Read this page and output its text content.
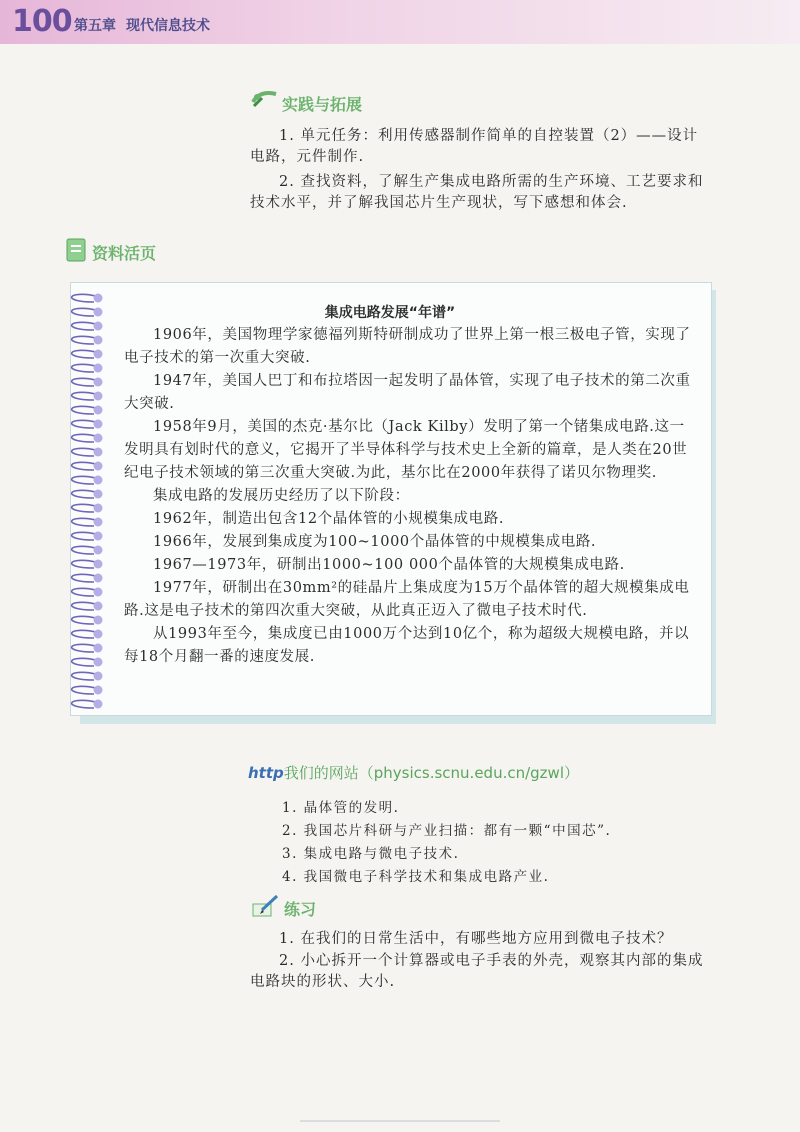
100 第五章 现代信息技术
实践与拓展

1. 单元任务：利用传感器制作简单的自控装置（2）——设计电路，元件制作.

2. 查找资料，了解生产集成电路所需的生产环境、工艺要求和技术水平，并了解我国芯片生产现状，写下感想和体会.

资料活页
集成电路发展“年谱”

1906年，美国物理学家德福列斯特研制成功了世界上第一根三极电子管，实现了电子技术的第一次重大突破.

1947年，美国人巴丁和布拉塔因一起发明了晶体管，实现了电子技术的第二次重大突破.

1958年9月，美国的杰克·基尔比（Jack Kilby）发明了第一个锗集成电路.这一发明具有划时代的意义，它揭开了半导体科学与技术史上全新的篇章，是人类在20世纪电子技术领域的第三次重大突破.为此，基尔比在2000年获得了诺贝尔物理奖.

集成电路的发展历史经历了以下阶段：

1962年，制造出包含12个晶体管的小规模集成电路.

1966年，发展到集成度为100~1000个晶体管的中规模集成电路.

1967—1973年，研制出1000~100 000个晶体管的大规模集成电路.

1977年，研制出在30mm²的硅晶片上集成度为15万个晶体管的超大规模集成电路.这是电子技术的第四次重大突破，从此真正迈入了微电子技术时代.

从1993年至今，集成度已由1000万个达到10亿个，称为超级大规模电路，并以每18个月翻一番的速度发展.

http我们的网站（physics.scnu.edu.cn/gzwl）
1. 晶体管的发明.
2. 我国芯片科研与产业扫描：都有一颗“中国芯”.
3. 集成电路与微电子技术.
4. 我国微电子科学技术和集成电路产业.
练习

1. 在我们的日常生活中，有哪些地方应用到微电子技术？

2. 小心拆开一个计算器或电子手表的外壳，观察其内部的集成电路块的形状、大小.
